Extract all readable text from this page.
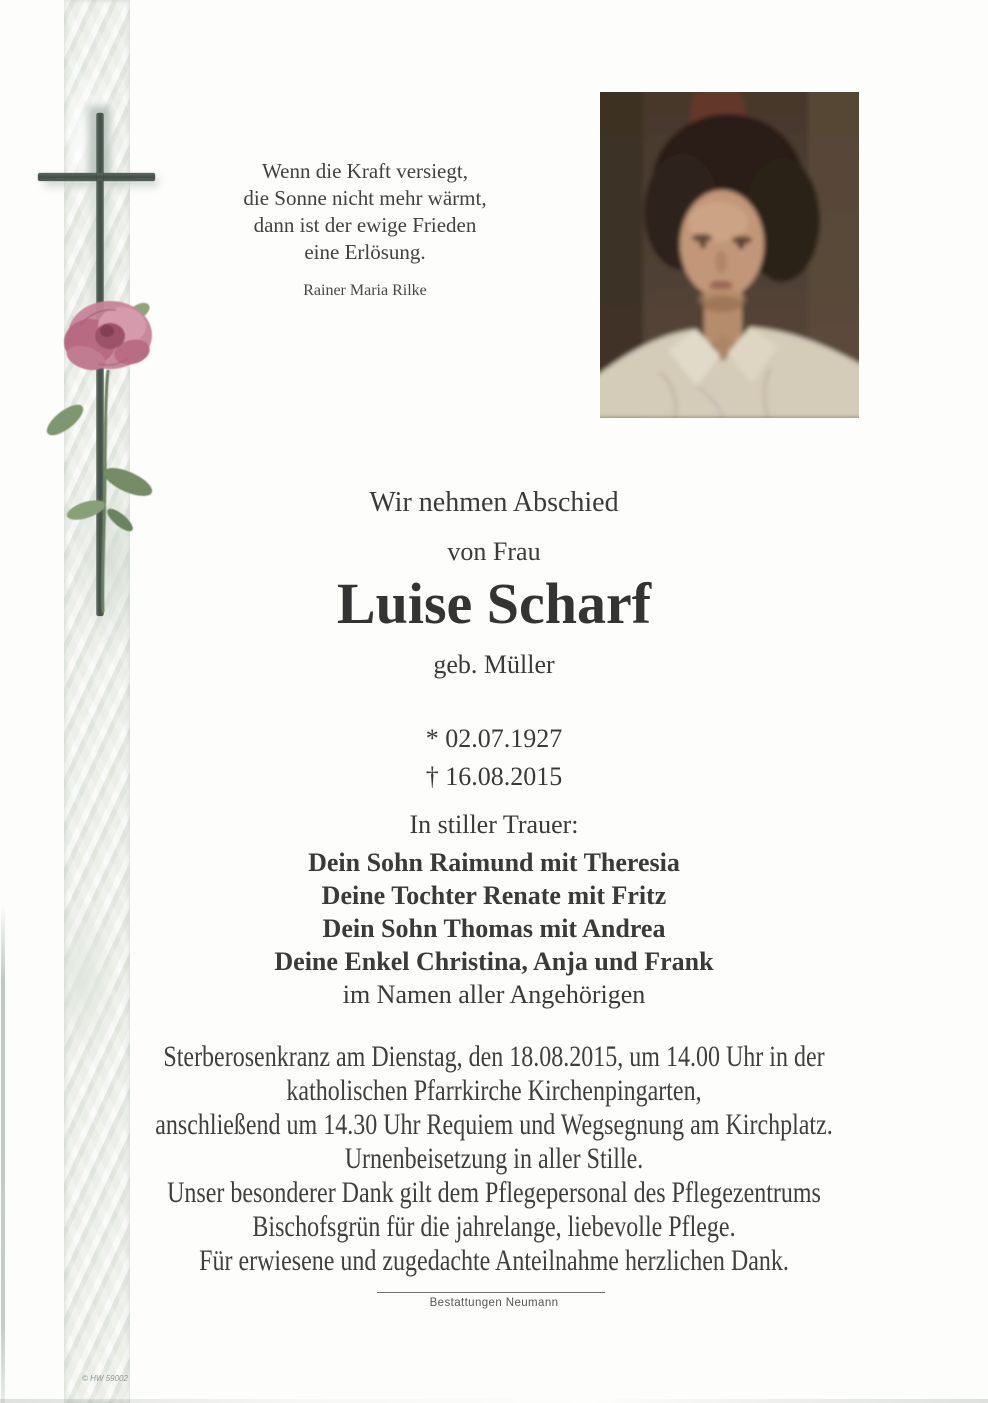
Wenn die Kraft versiegt,
die Sonne nicht mehr wärmt,
dann ist der ewige Frieden
eine Erlösung.
Rainer Maria Rilke
Wir nehmen Abschied
von Frau
Luise Scharf
geb. Müller
* 02.07.1927
† 16.08.2015
In stiller Trauer:
Dein Sohn Raimund mit Theresia
Deine Tochter Renate mit Fritz
Dein Sohn Thomas mit Andrea
Deine Enkel Christina, Anja und Frank
im Namen aller Angehörigen
Sterberosenkranz am Dienstag, den 18.08.2015, um 14.00 Uhr in der
katholischen Pfarrkirche Kirchenpingarten,
anschließend um 14.30 Uhr Requiem und Wegsegnung am Kirchplatz.
Urnenbeisetzung in aller Stille.
Unser besonderer Dank gilt dem Pflegepersonal des Pflegezentrums
Bischofsgrün für die jahrelange, liebevolle Pflege.
Für erwiesene und zugedachte Anteilnahme herzlichen Dank.
Bestattungen Neumann
© HW 59002
